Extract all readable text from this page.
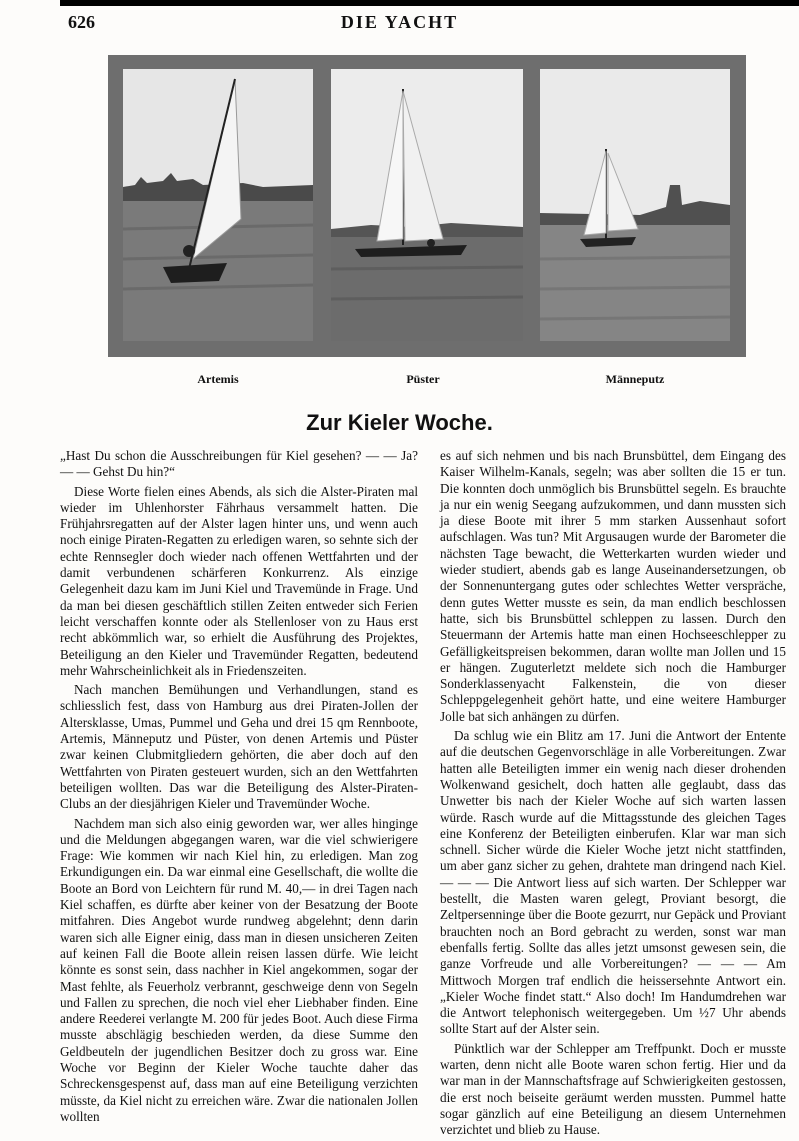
626	DIE YACHT
Artemis	Püster	Männeputz
Zur Kieler Woche.

„Hast Du schon die Ausschreibungen für Kiel gesehen? — — Ja? — — Gehst Du hin?“

Diese Worte fielen eines Abends, als sich die Alster-Piraten mal wieder im Uhlenhorster Fährhaus versammelt hatten. Die Frühjahrsregatten auf der Alster lagen hinter uns, und wenn auch noch einige Piraten-Regatten zu erledigen waren, so sehnte sich der echte Rennsegler doch wieder nach offenen Wettfahrten und der damit verbundenen schärferen Konkurrenz. Als einzige Gelegenheit dazu kam im Juni Kiel und Travemünde in Frage. Und da man bei diesen geschäftlich stillen Zeiten entweder sich Ferien leicht verschaffen konnte oder als Stellenloser von zu Haus erst recht abkömmlich war, so erhielt die Ausführung des Projektes, Beteiligung an den Kieler und Travemünder Regatten, bedeutend mehr Wahrscheinlichkeit als in Friedenszeiten.

Nach manchen Bemühungen und Verhandlungen, stand es schliesslich fest, dass von Hamburg aus drei Piraten-Jollen der Altersklasse, Umas, Pummel und Geha und drei 15 qm Rennboote, Artemis, Männeputz und Püster, von denen Artemis und Püster zwar keinen Clubmitgliedern gehörten, die aber doch auf den Wettfahrten von Piraten gesteuert wurden, sich an den Wettfahrten beteiligen wollten. Das war die Beteiligung des Alster-Piraten-Clubs an der diesjährigen Kieler und Travemünder Woche.

Nachdem man sich also einig geworden war, wer alles hinginge und die Meldungen abgegangen waren, war die viel schwierigere Frage: Wie kommen wir nach Kiel hin, zu erledigen. Man zog Erkundigungen ein. Da war einmal eine Gesellschaft, die wollte die Boote an Bord von Leichtern für rund M. 40,— in drei Tagen nach Kiel schaffen, es dürfte aber keiner von der Besatzung der Boote mitfahren. Dies Angebot wurde rundweg abgelehnt; denn darin waren sich alle Eigner einig, dass man in diesen unsicheren Zeiten auf keinen Fall die Boote allein reisen lassen dürfe. Wie leicht könnte es sonst sein, dass nachher in Kiel angekommen, sogar der Mast fehlte, als Feuerholz verbrannt, geschweige denn von Segeln und Fallen zu sprechen, die noch viel eher Liebhaber finden. Eine andere Reederei verlangte M. 200 für jedes Boot. Auch diese Firma musste abschlägig beschieden werden, da diese Summe den Geldbeuteln der jugendlichen Besitzer doch zu gross war. Eine Woche vor Beginn der Kieler Woche tauchte daher das Schreckensgespenst auf, dass man auf eine Beteiligung verzichten müsste, da Kiel nicht zu erreichen wäre. Zwar die nationalen Jollen wollten

es auf sich nehmen und bis nach Brunsbüttel, dem Eingang des Kaiser Wilhelm-Kanals, segeln; was aber sollten die 15 er tun. Die konnten doch unmöglich bis Brunsbüttel segeln. Es brauchte ja nur ein wenig Seegang aufzukommen, und dann mussten sich ja diese Boote mit ihrer 5 mm starken Aussenhaut sofort aufschlagen. Was tun? Mit Argusaugen wurde der Barometer die nächsten Tage bewacht, die Wetterkarten wurden wieder und wieder studiert, abends gab es lange Auseinandersetzungen, ob der Sonnenuntergang gutes oder schlechtes Wetter verspräche, denn gutes Wetter musste es sein, da man endlich beschlossen hatte, sich bis Brunsbüttel schleppen zu lassen. Durch den Steuermann der Artemis hatte man einen Hochseeschlepper zu Gefälligkeitspreisen bekommen, daran wollte man Jollen und 15 er hängen. Zuguterletzt meldete sich noch die Hamburger Sonderklassenyacht Falkenstein, die von dieser Schleppgelegenheit gehört hatte, und eine weitere Hamburger Jolle bat sich anhängen zu dürfen.

Da schlug wie ein Blitz am 17. Juni die Antwort der Entente auf die deutschen Gegenvorschläge in alle Vorbereitungen. Zwar hatten alle Beteiligten immer ein wenig nach dieser drohenden Wolkenwand gesichelt, doch hatten alle geglaubt, dass das Unwetter bis nach der Kieler Woche auf sich warten lassen würde. Rasch wurde auf die Mittagsstunde des gleichen Tages eine Konferenz der Beteiligten einberufen. Klar war man sich schnell. Sicher würde die Kieler Woche jetzt nicht stattfinden, um aber ganz sicher zu gehen, drahtete man dringend nach Kiel. — — — Die Antwort liess auf sich warten. Der Schlepper war bestellt, die Masten waren gelegt, Proviant besorgt, die Zeltpersenninge über die Boote gezurrt, nur Gepäck und Proviant brauchten noch an Bord gebracht zu werden, sonst war man ebenfalls fertig. Sollte das alles jetzt umsonst gewesen sein, die ganze Vorfreude und alle Vorbereitungen? — — — Am Mittwoch Morgen traf endlich die heissersehnte Antwort ein. „Kieler Woche findet statt.“ Also doch! Im Handumdrehen war die Antwort telephonisch weitergegeben. Um ½7 Uhr abends sollte Start auf der Alster sein.

Pünktlich war der Schlepper am Treffpunkt. Doch er musste warten, denn nicht alle Boote waren schon fertig. Hier und da war man in der Mannschaftsfrage auf Schwierigkeiten gestossen, die erst noch beiseite geräumt werden mussten. Pummel hatte sogar gänzlich auf eine Beteiligung an diesem Unternehmen verzichtet und blieb zu Hause.
